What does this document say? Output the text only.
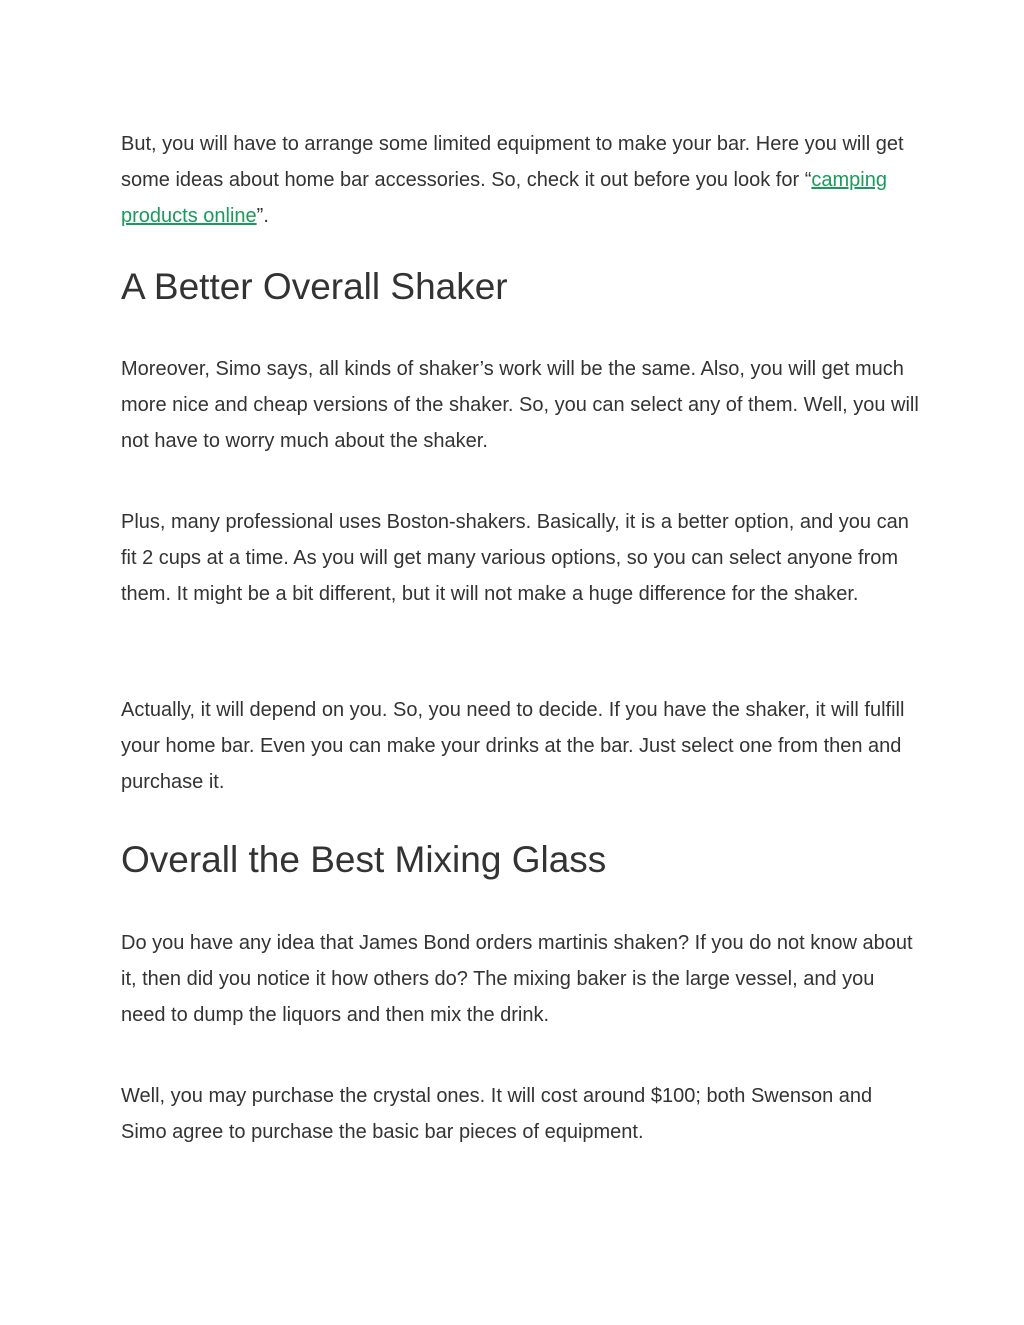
But, you will have to arrange some limited equipment to make your bar. Here you will get some ideas about home bar accessories. So, check it out before you look for “camping products online”.

A Better Overall Shaker

Moreover, Simo says, all kinds of shaker’s work will be the same. Also, you will get much more nice and cheap versions of the shaker. So, you can select any of them. Well, you will not have to worry much about the shaker.

Plus, many professional uses Boston-shakers. Basically, it is a better option, and you can fit 2 cups at a time. As you will get many various options, so you can select anyone from them. It might be a bit different, but it will not make a huge difference for the shaker.

Actually, it will depend on you. So, you need to decide. If you have the shaker, it will fulfill your home bar. Even you can make your drinks at the bar. Just select one from then and purchase it.

Overall the Best Mixing Glass

Do you have any idea that James Bond orders martinis shaken? If you do not know about it, then did you notice it how others do? The mixing baker is the large vessel, and you need to dump the liquors and then mix the drink.

Well, you may purchase the crystal ones. It will cost around $100; both Swenson and Simo agree to purchase the basic bar pieces of equipment.
